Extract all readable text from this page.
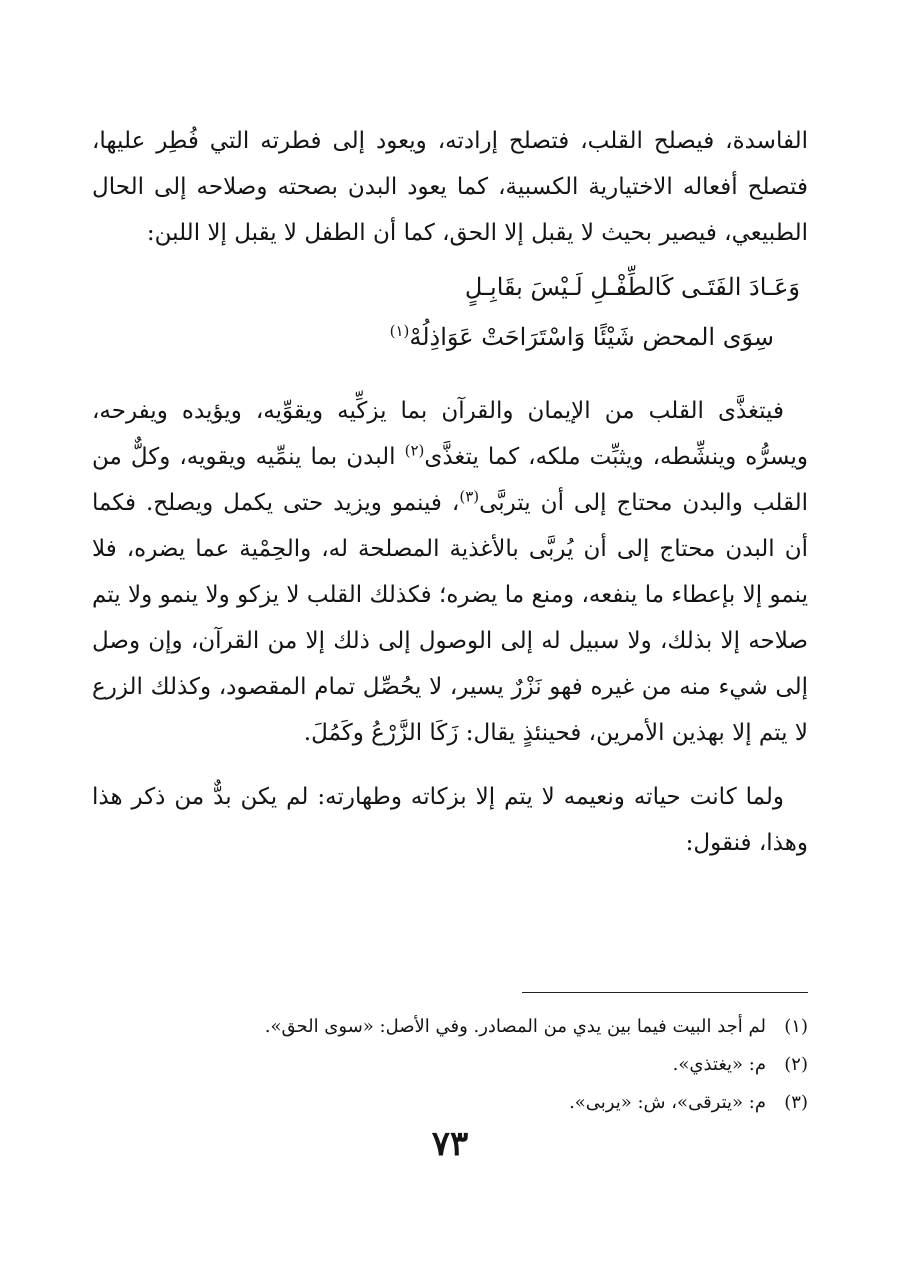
الفاسدة، فيصلح القلب، فتصلح إرادته، ويعود إلى فطرته التي فُطِر عليها، فتصلح أفعاله الاختيارية الكسبية، كما يعود البدن بصحته وصلاحه إلى الحال الطبيعي، فيصير بحيث لا يقبل إلا الحق، كما أن الطفل لا يقبل إلا اللبن:

وَعَـادَ الفَتَـى كَالطِّفْـلِ لَـيْسَ بقَابِـلٍ
سِوَى المحض شَيْئًا وَاسْتَرَاحَتْ عَوَاذِلُهْ$^{(١)}$

فيتغذَّى القلب من الإيمان والقرآن بما يزكِّيه ويقوِّيه، ويؤيده ويفرحه، ويسرُّه وينشِّطه، ويثبِّت ملكه، كما يتغذَّى$^{(٢)}$ البدن بما ينمِّيه ويقويه، وكلٌّ من القلب والبدن محتاج إلى أن يتربَّى$^{(٣)}$، فينمو ويزيد حتى يكمل ويصلح. فكما أن البدن محتاج إلى أن يُربَّى بالأغذية المصلحة له، والحِمْية عما يضره، فلا ينمو إلا بإعطاء ما ينفعه، ومنع ما يضره؛ فكذلك القلب لا يزكو ولا ينمو ولا يتم صلاحه إلا بذلك، ولا سبيل له إلى الوصول إلى ذلك إلا من القرآن، وإن وصل إلى شيء منه من غيره فهو نَزْرٌ يسير، لا يحُصِّل تمام المقصود، وكذلك الزرع لا يتم إلا بهذين الأمرين، فحينئذٍ يقال: زَكَا الزَّرْعُ وكَمُلَ.

ولما كانت حياته ونعيمه لا يتم إلا بزكاته وطهارته: لم يكن بدٌّ من ذكر هذا وهذا، فنقول:

(١)لم أجد البيت فيما بين يدي من المصادر. وفي الأصل: «سوى الحق».
(٢)م: «يغتذي».
(٣)م: «يترقى»، ش: «يربى».
٧٣
